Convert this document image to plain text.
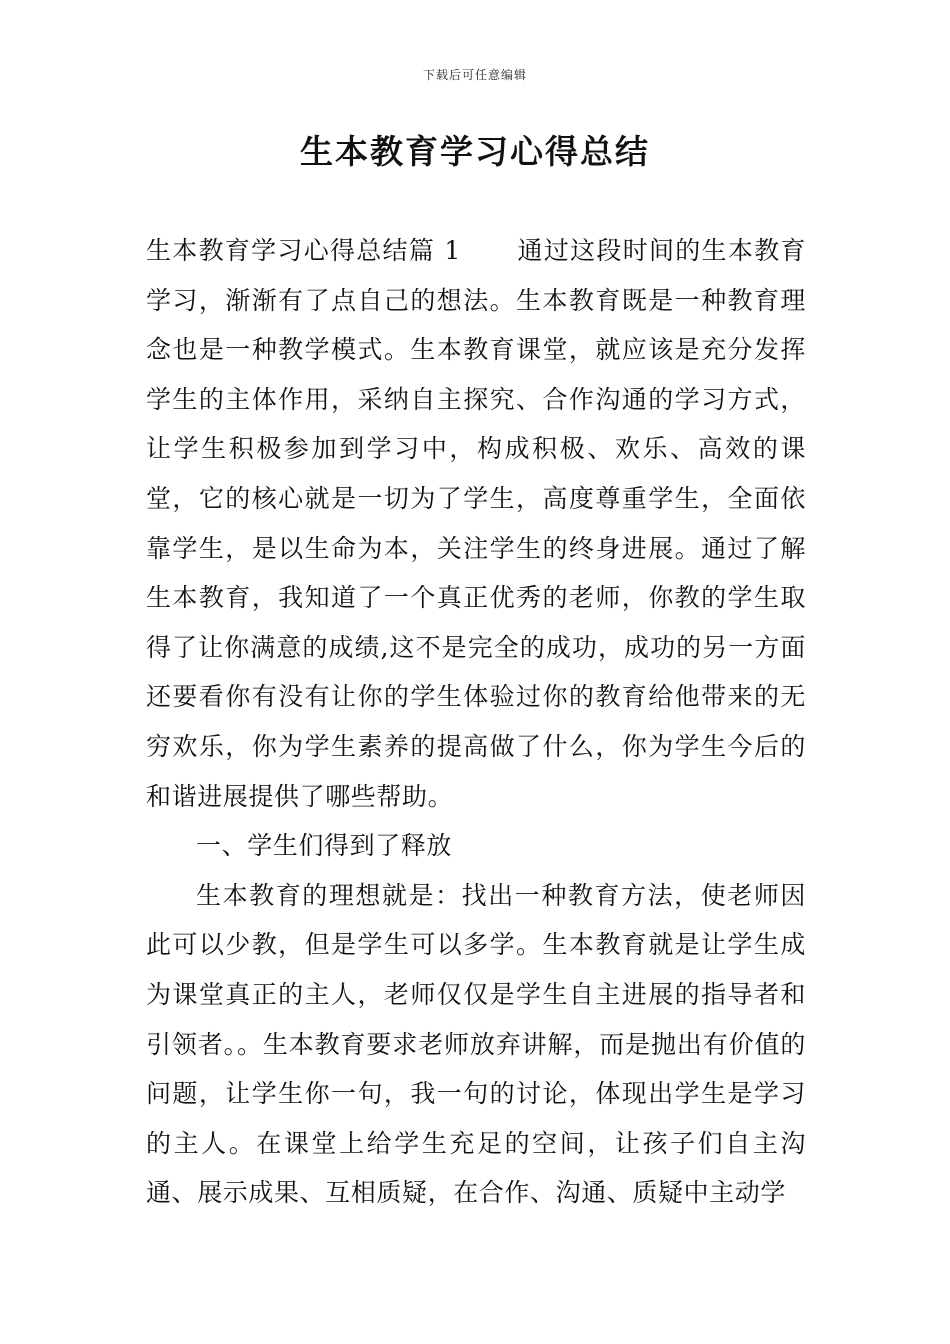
下载后可任意编辑
生本教育学习心得总结

生本教育学习心得总结篇 1 通过这段时间的生本教育学习，渐渐有了点自己的想法。生本教育既是一种教育理念也是一种教学模式。生本教育课堂，就应该是充分发挥学生的主体作用，采纳自主探究、合作沟通的学习方式，让学生积极参加到学习中，构成积极、欢乐、高效的课堂，它的核心就是一切为了学生，高度尊重学生，全面依靠学生，是以生命为本，关注学生的终身进展。通过了解生本教育，我知道了一个真正优秀的老师，你教的学生取得了让你满意的成绩,这不是完全的成功，成功的另一方面还要看你有没有让你的学生体验过你的教育给他带来的无穷欢乐，你为学生素养的提高做了什么，你为学生今后的和谐进展提供了哪些帮助。

一、学生们得到了释放

生本教育的理想就是：找出一种教育方法，使老师因此可以少教，但是学生可以多学。生本教育就是让学生成为课堂真正的主人，老师仅仅是学生自主进展的指导者和引领者。。生本教育要求老师放弃讲解，而是抛出有价值的问题，让学生你一句，我一句的讨论，体现出学生是学习的主人。在课堂上给学生充足的空间，让孩子们自主沟通、展示成果、互相质疑，在合作、沟通、质疑中主动学
